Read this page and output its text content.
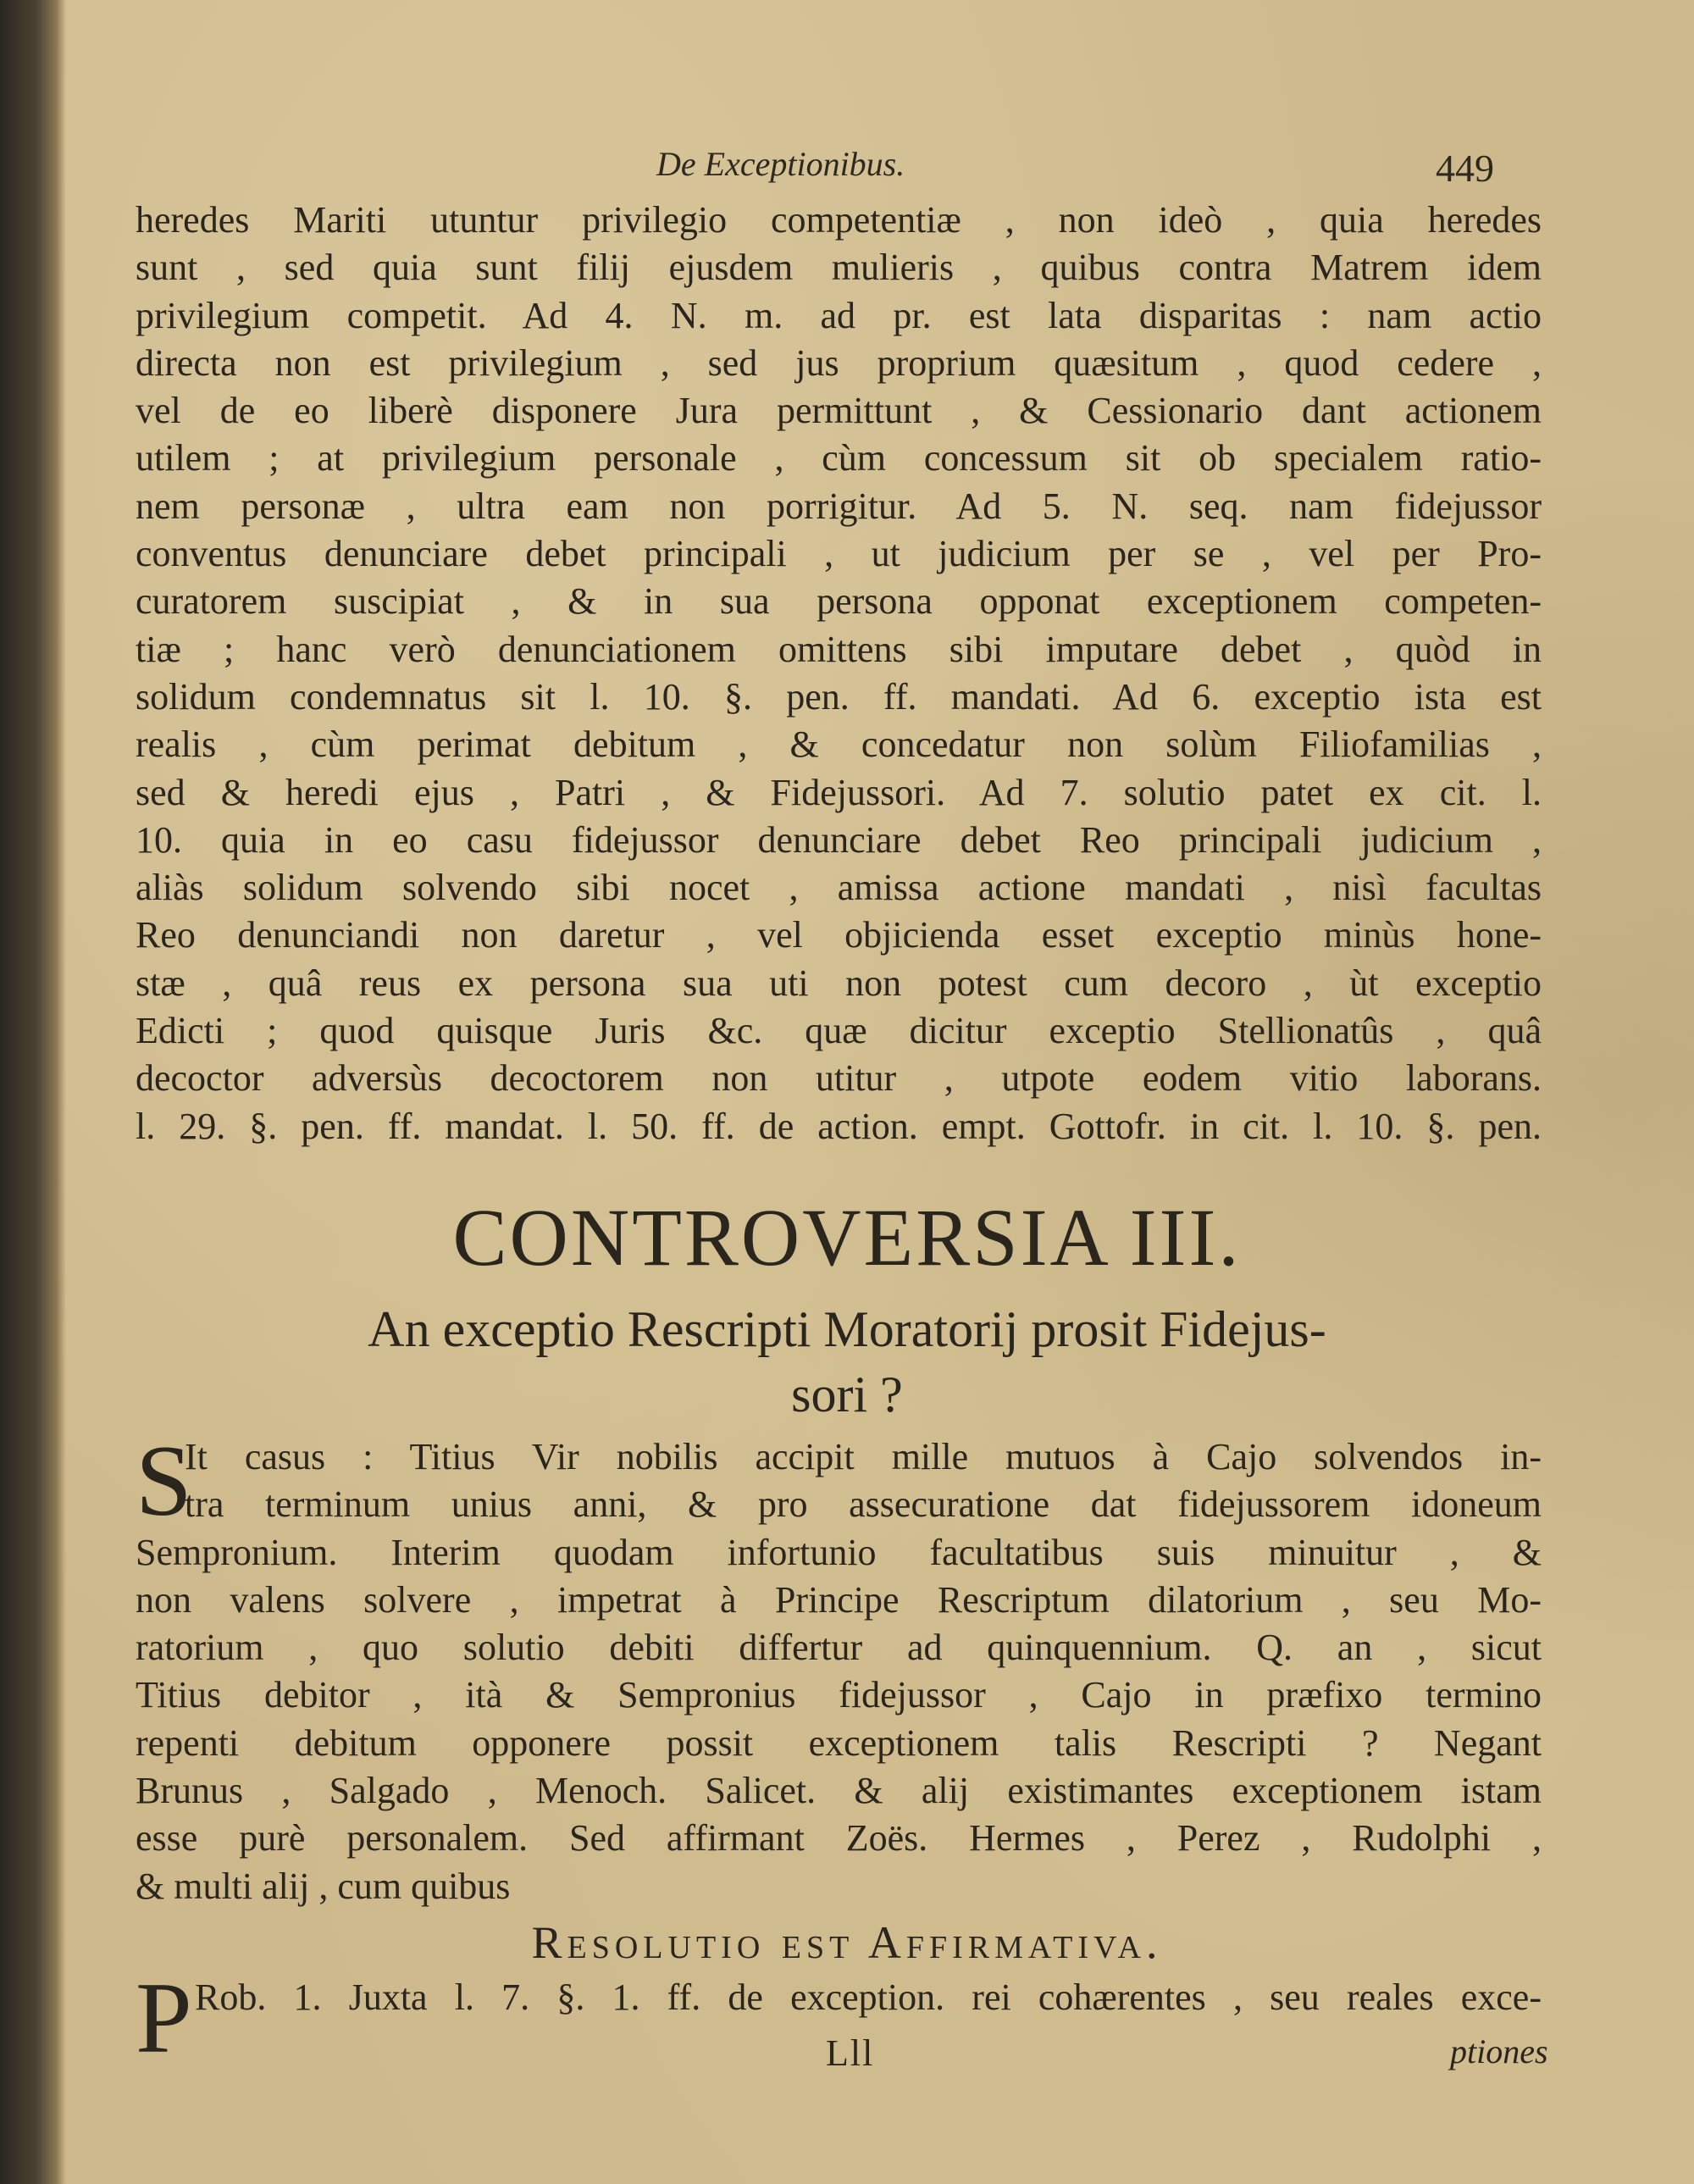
De Exceptionibus.	449
heredes Mariti utuntur privilegio competentiæ , non ideò , quia heredes
sunt , sed quia sunt filij ejusdem mulieris , quibus contra Matrem idem
privilegium competit. Ad 4. N. m. ad pr. est lata disparitas : nam actio
directa non est privilegium , sed jus proprium quæsitum , quod cedere ,
vel de eo liberè disponere Jura permittunt , & Cessionario dant actionem
utilem ; at privilegium personale , cùm concessum sit ob specialem ratio-
nem personæ , ultra eam non porrigitur. Ad 5. N. seq. nam fidejussor
conventus denunciare debet principali , ut judicium per se , vel per Pro-
curatorem suscipiat , & in sua persona opponat exceptionem competen-
tiæ ; hanc verò denunciationem omittens sibi imputare debet , quòd in
solidum condemnatus sit l. 10. §. pen. ff. mandati. Ad 6. exceptio ista est
realis , cùm perimat debitum , & concedatur non solùm Filiofamilias ,
sed & heredi ejus , Patri , & Fidejussori. Ad 7. solutio patet ex cit. l.
10. quia in eo casu fidejussor denunciare debet Reo principali judicium ,
aliàs solidum solvendo sibi nocet , amissa actione mandati , nisì facultas
Reo denunciandi non daretur , vel objicienda esset exceptio minùs hone-
stæ , quâ reus ex persona sua uti non potest cum decoro , ùt exceptio
Edicti ; quod quisque Juris &c. quæ dicitur exceptio Stellionatûs , quâ
decoctor adversùs decoctorem non utitur , utpote eodem vitio laborans.
l. 29. §. pen. ff. mandat. l. 50. ff. de action. empt. Gottofr. in cit. l. 10. §. pen.
CONTROVERSIA III.
An exceptio Rescripti Moratorij prosit Fidejus-
sori ?
S
It casus : Titius Vir nobilis accipit mille mutuos à Cajo solvendos in-
tra terminum unius anni, & pro assecuratione dat fidejussorem idoneum
Sempronium. Interim quodam infortunio facultatibus suis minuitur , &
non valens solvere , impetrat à Principe Rescriptum dilatorium , seu Mo-
ratorium , quo solutio debiti differtur ad quinquennium. Q. an , sicut
Titius debitor , ità & Sempronius fidejussor , Cajo in præfixo termino
repenti debitum opponere possit exceptionem talis Rescripti ? Negant
Brunus , Salgado , Menoch. Salicet. & alij existimantes exceptionem istam
esse purè personalem. Sed affirmant Zoës. Hermes , Perez , Rudolphi ,
& multi alij , cum quibus
Resolutio est Affirmativa.
P Rob. 1. Juxta l. 7. §. 1. ff. de exception. rei cohærentes , seu reales exce-
Lll	ptiones
